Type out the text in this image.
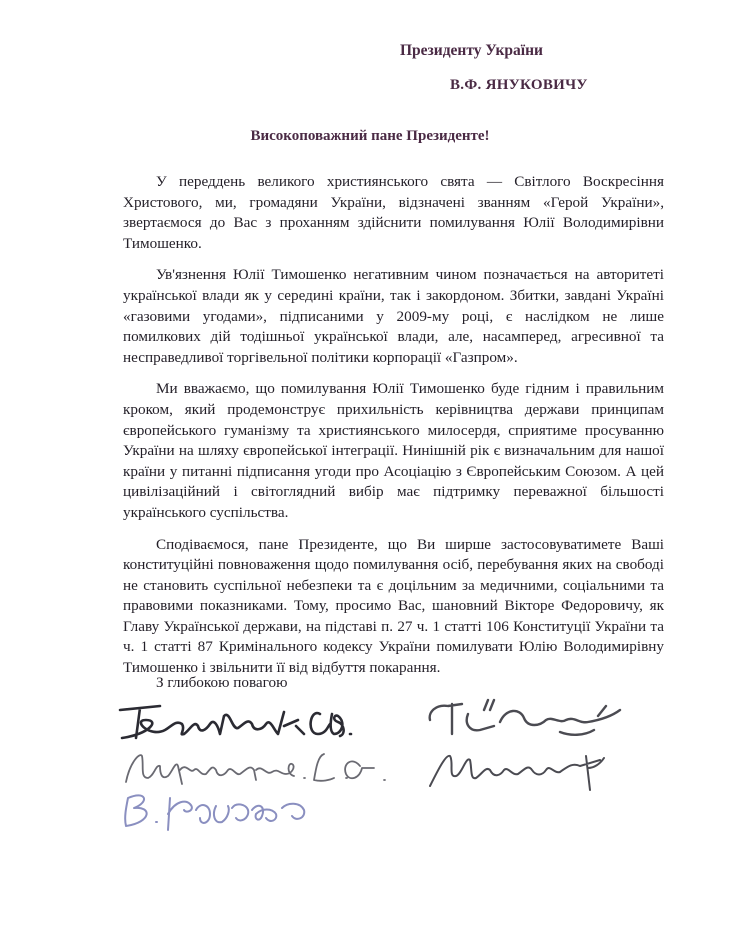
Президенту України
В.Ф. ЯНУКОВИЧУ
Високоповажний пане Президенте!

У переддень великого християнського свята — Світлого Воскресіння Христового, ми, громадяни України, відзначені званням «Герой України», звертаємося до Вас з проханням здійснити помилування Юлії Володимирівни Тимошенко.

Ув'язнення Юлії Тимошенко негативним чином позначається на авторитеті української влади як у середині країни, так і закордоном. Збитки, завдані Україні «газовими угодами», підписаними у 2009-му році, є наслідком не лише помилкових дій тодішньої української влади, але, насамперед, агресивної та несправедливої торгівельної політики корпорації «Газпром».

Ми вважаємо, що помилування Юлії Тимошенко буде гідним і правильним кроком, який продемонструє прихильність керівництва держави принципам європейського гуманізму та християнського милосердя, сприятиме просуванню України на шляху європейської інтеграції. Нинішній рік є визначальним для нашої країни у питанні підписання угоди про Асоціацію з Європейським Союзом. А цей цивілізаційний і світоглядний вибір має підтримку переважної більшості українського суспільства.

Сподіваємося, пане Президенте, що Ви ширше застосовуватимете Ваші конституційні повноваження щодо помилування осіб, перебування яких на свободі не становить суспільної небезпеки та є доцільним за медичними, соціальними та правовими показниками. Тому, просимо Вас, шановний Вікторе Федоровичу, як Главу Української держави, на підставі п. 27 ч. 1 статті 106 Конституції України та ч. 1 статті 87 Кримінального кодексу України помилувати Юлію Володимирівну Тимошенко і звільнити її від відбуття покарання.

З глибокою повагою
